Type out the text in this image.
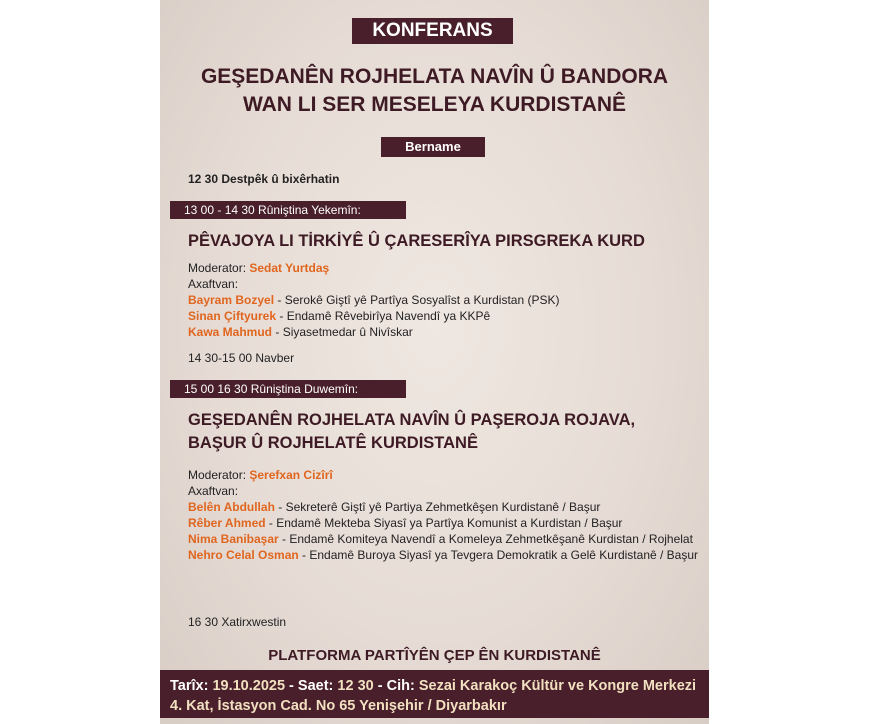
KONFERANS
GEŞEDANÊN ROJHELATA NAVÎN Û BANDORA
WAN LI SER MESELEYA KURDISTANÊ
Bername
12 30 Destpêk û bixêrhatin
13 00 - 14 30 Rûniştina Yekemîn:
PÊVAJOYA LI TİRKİYÊ Û ÇARESERÎYA PIRSGREKA KURD
Moderator: Sedat Yurtdaş
Axaftvan:
Bayram Bozyel - Serokê Giştî yê Partîya Sosyalîst a Kurdistan (PSK)
Sinan Çiftyurek - Endamê Rêvebirîya Navendî ya KKPê
Kawa Mahmud - Siyasetmedar û Nivîskar
14 30-15 00 Navber
15 00 16 30 Rûniştina Duwemîn:
GEŞEDANÊN ROJHELATA NAVÎN Û PAŞEROJA ROJAVA,
BAŞUR Û ROJHELATÊ KURDISTANÊ
Moderator: Şerefxan Cizîrî
Axaftvan:
Belên Abdullah - Sekreterê Giştî yê Partiya Zehmetkêşen Kurdistanê / Başur
Rêber Ahmed - Endamê Mekteba Siyasî ya Partîya Komunist a Kurdistan / Başur
Nima Banibaşar - Endamê Komiteya Navendî a Komeleya Zehmetkêşanê Kurdistan / Rojhelat
Nehro Celal Osman - Endamê Buroya Siyasî ya Tevgera Demokratik a Gelê Kurdistanê / Başur
16 30 Xatirxwestin
PLATFORMA PARTÎYÊN ÇEP ÊN KURDISTANÊ
Tarîx: 19.10.2025 - Saet: 12 30 - Cih: Sezai Karakoç Kültür ve Kongre Merkezi 4. Kat, İstasyon Cad. No 65 Yenişehir / Diyarbakır
